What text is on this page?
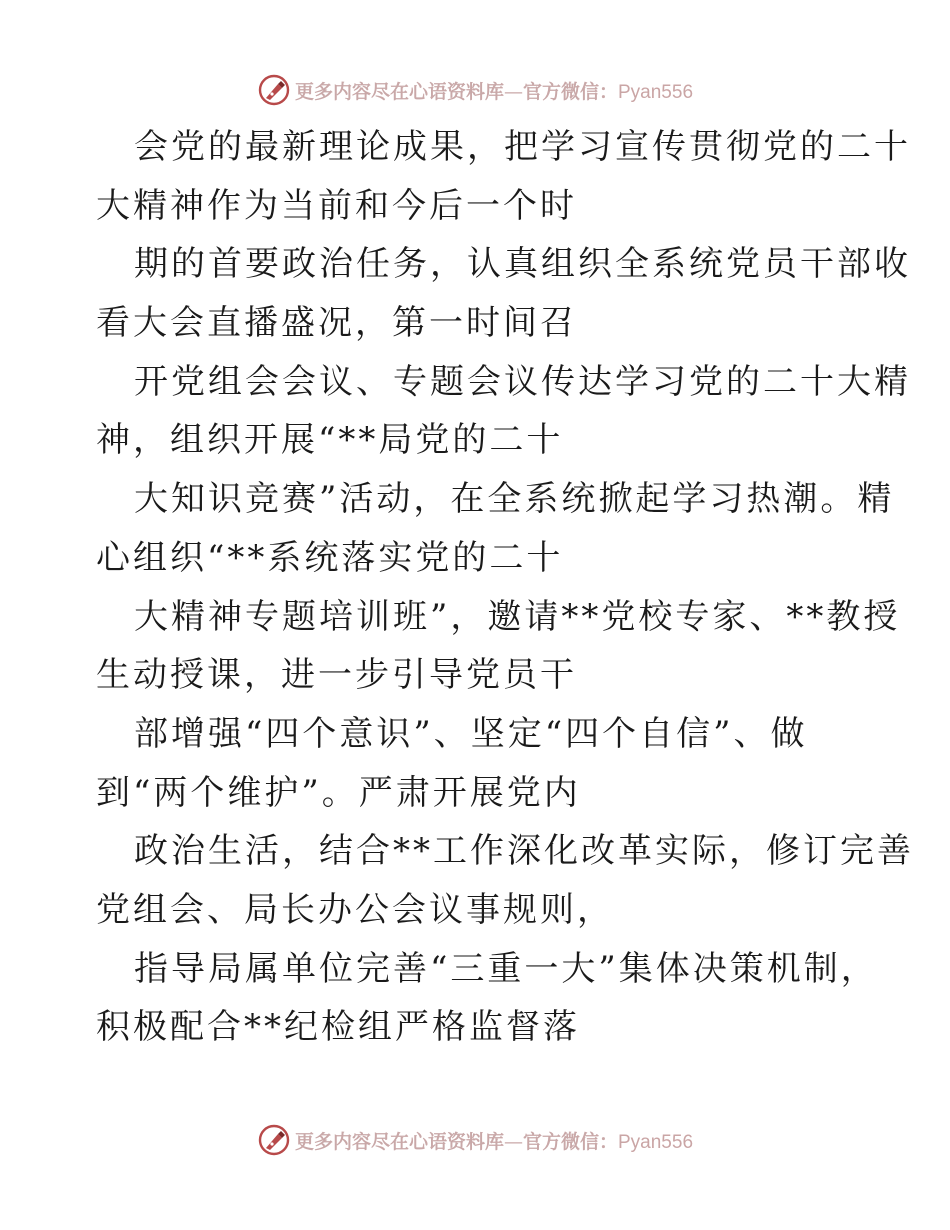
更多内容尽在心语资料库—官方微信：Pyan556
会党的最新理论成果，把学习宣传贯彻党的二十
大精神作为当前和今后一个时
期的首要政治任务，认真组织全系统党员干部收
看大会直播盛况，第一时间召
开党组会会议、专题会议传达学习党的二十大精
神，组织开展“**局党的二十
大知识竞赛”活动，在全系统掀起学习热潮。精
心组织“**系统落实党的二十
大精神专题培训班”，邀请**党校专家、**教授
生动授课，进一步引导党员干
部增强“四个意识”、坚定“四个自信”、做
到“两个维护”。严肃开展党内
政治生活，结合**工作深化改革实际，修订完善
党组会、局长办公会议事规则，
指导局属单位完善“三重一大”集体决策机制，
积极配合**纪检组严格监督落
更多内容尽在心语资料库—官方微信：Pyan556
